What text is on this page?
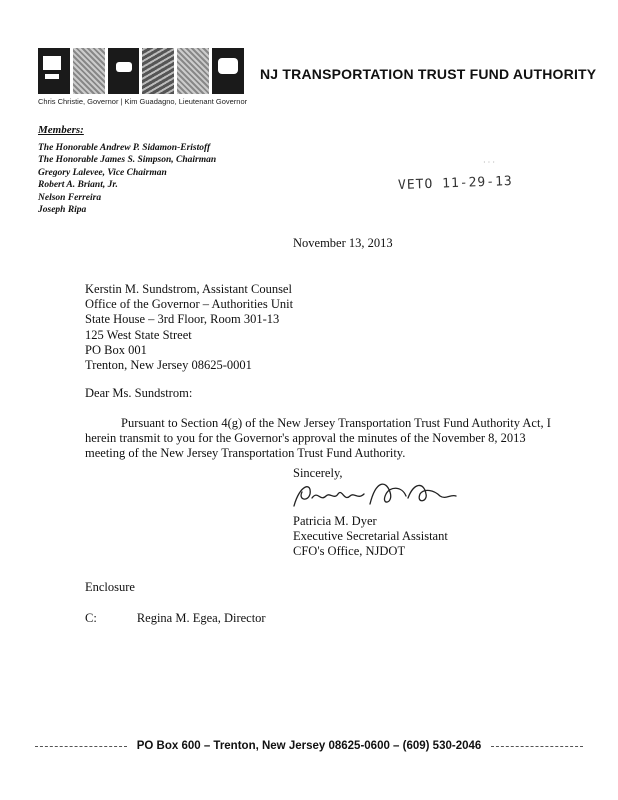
NJ TRANSPORTATION TRUST FUND AUTHORITY
Chris Christie, Governor | Kim Guadagno, Lieutenant Governor
Members:
The Honorable Andrew P. Sidamon-Eristoff
The Honorable James S. Simpson, Chairman
Gregory Lalevee, Vice Chairman
Robert A. Briant, Jr.
Nelson Ferreira
Joseph Ripa
· · ·
VETO 11-29-13
November 13, 2013
Kerstin M. Sundstrom, Assistant Counsel
Office of the Governor – Authorities Unit
State House – 3rd Floor, Room 301-13
125 West State Street
PO Box 001
Trenton, New Jersey 08625-0001
Dear Ms. Sundstrom:
Pursuant to Section 4(g) of the New Jersey Transportation Trust Fund Authority Act, I herein transmit to you for the Governor's approval the minutes of the November 8, 2013 meeting of the New Jersey Transportation Trust Fund Authority.
Sincerely,
Patricia M. Dyer
Executive Secretarial Assistant
CFO's Office, NJDOT
Enclosure
C:	Regina M. Egea, Director
PO Box 600 – Trenton, New Jersey 08625-0600 – (609) 530-2046
